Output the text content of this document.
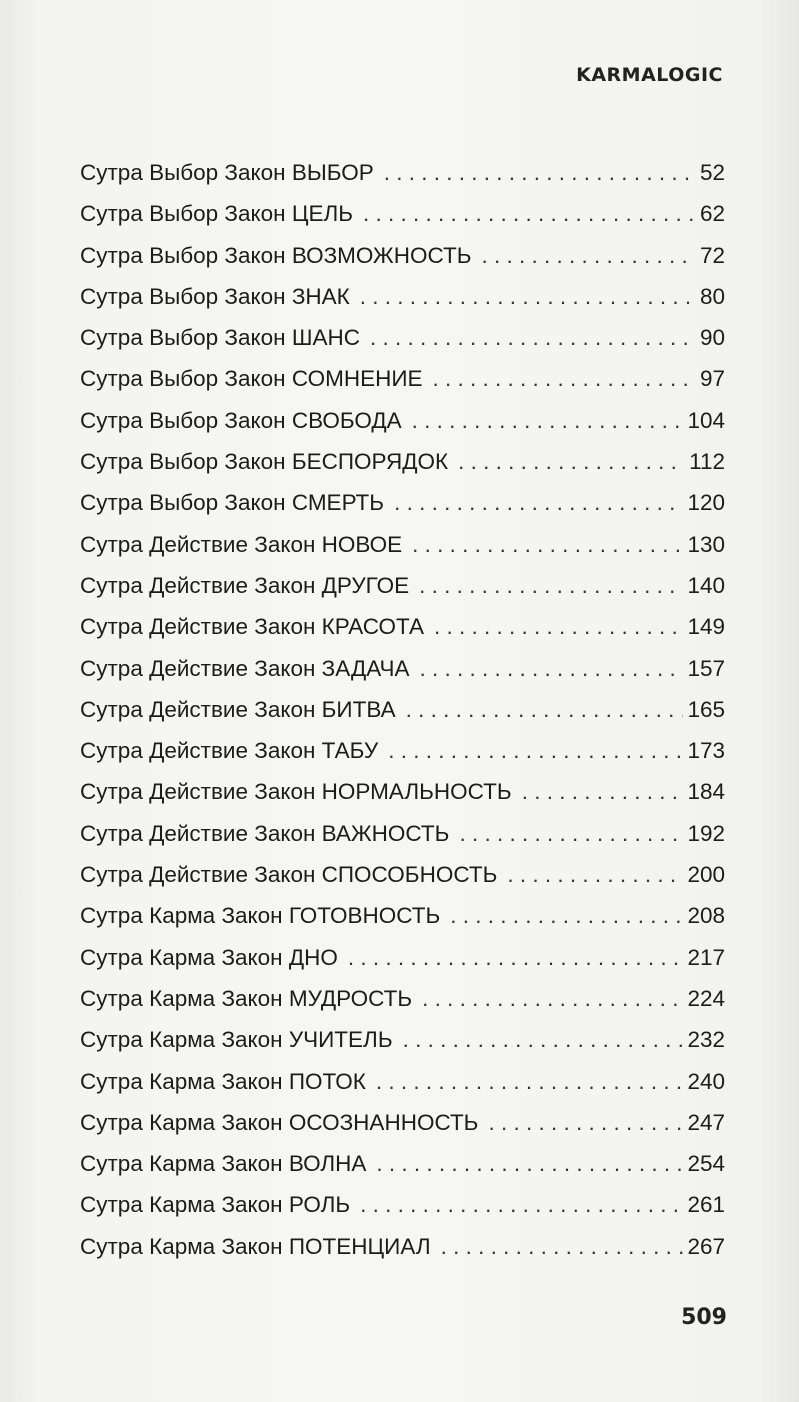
KARMALOGIC
Сутра Выбор Закон ВЫБОР . . .	52
Сутра Выбор Закон ЦЕЛЬ . . .	62
Сутра Выбор Закон ВОЗМОЖНОСТЬ . . .	72
Сутра Выбор Закон ЗНАК . . .	80
Сутра Выбор Закон ШАНС . . .	90
Сутра Выбор Закон СОМНЕНИЕ . . .	97
Сутра Выбор Закон СВОБОДА . . .	104
Сутра Выбор Закон БЕСПОРЯДОК . . .	112
Сутра Выбор Закон СМЕРТЬ . . .	120
Сутра Действие Закон НОВОЕ . . .	130
Сутра Действие Закон ДРУГОЕ . . .	140
Сутра Действие Закон КРАСОТА . . .	149
Сутра Действие Закон ЗАДАЧА . . .	157
Сутра Действие Закон БИТВА . . .	165
Сутра Действие Закон ТАБУ . . .	173
Сутра Действие Закон НОРМАЛЬНОСТЬ . . .	184
Сутра Действие Закон ВАЖНОСТЬ . . .	192
Сутра Действие Закон СПОСОБНОСТЬ . . .	200
Сутра Карма Закон ГОТОВНОСТЬ . . .	208
Сутра Карма Закон ДНО . . .	217
Сутра Карма Закон МУДРОСТЬ . . .	224
Сутра Карма Закон УЧИТЕЛЬ . . .	232
Сутра Карма Закон ПОТОК . . .	240
Сутра Карма Закон ОСОЗНАННОСТЬ . . .	247
Сутра Карма Закон ВОЛНА . . .	254
Сутра Карма Закон РОЛЬ . . .	261
Сутра Карма Закон ПОТЕНЦИАЛ . . .	267
509
